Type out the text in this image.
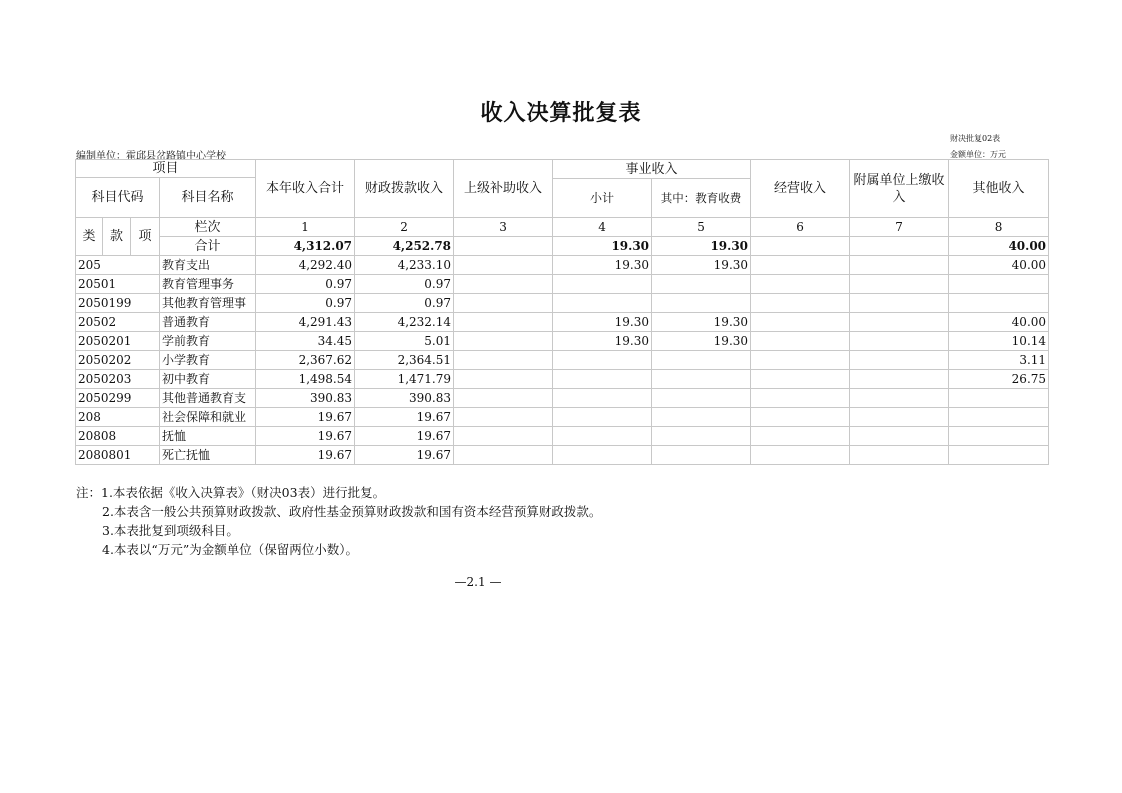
收入决算批复表
财决批复02表
编制单位：霍邱县岔路镇中心学校	金额单位：万元
项目				本年收入合计	财政拨款收入	上级补助收入	事业收入		经营收入	附属单位上缴收入	其他收入
科目代码			科目名称								
							小计	其中：教育收费			
类	款	项	栏次	1	2	3	4	5	6	7	8
			合计	4,312.07	4,252.78		19.30	19.30			40.00
205			教育支出	4,292.40	4,233.10		19.30	19.30			40.00
20501			教育管理事务	0.97	0.97						
2050199			其他教育管理事	0.97	0.97						
20502			普通教育	4,291.43	4,232.14		19.30	19.30			40.00
2050201			学前教育	34.45	5.01		19.30	19.30			10.14
2050202			小学教育	2,367.62	2,364.51						3.11
2050203			初中教育	1,498.54	1,471.79						26.75
2050299			其他普通教育支	390.83	390.83						
208			社会保障和就业	19.67	19.67						
20808			抚恤	19.67	19.67						
2080801			死亡抚恤	19.67	19.67						
注：1.本表依据《收入决算表》（财决03表）进行批复。
2.本表含一般公共预算财政拨款、政府性基金预算财政拨款和国有资本经营预算财政拨款。
3.本表批复到项级科目。
4.本表以“万元”为金额单位（保留两位小数）。
—2.1 —
